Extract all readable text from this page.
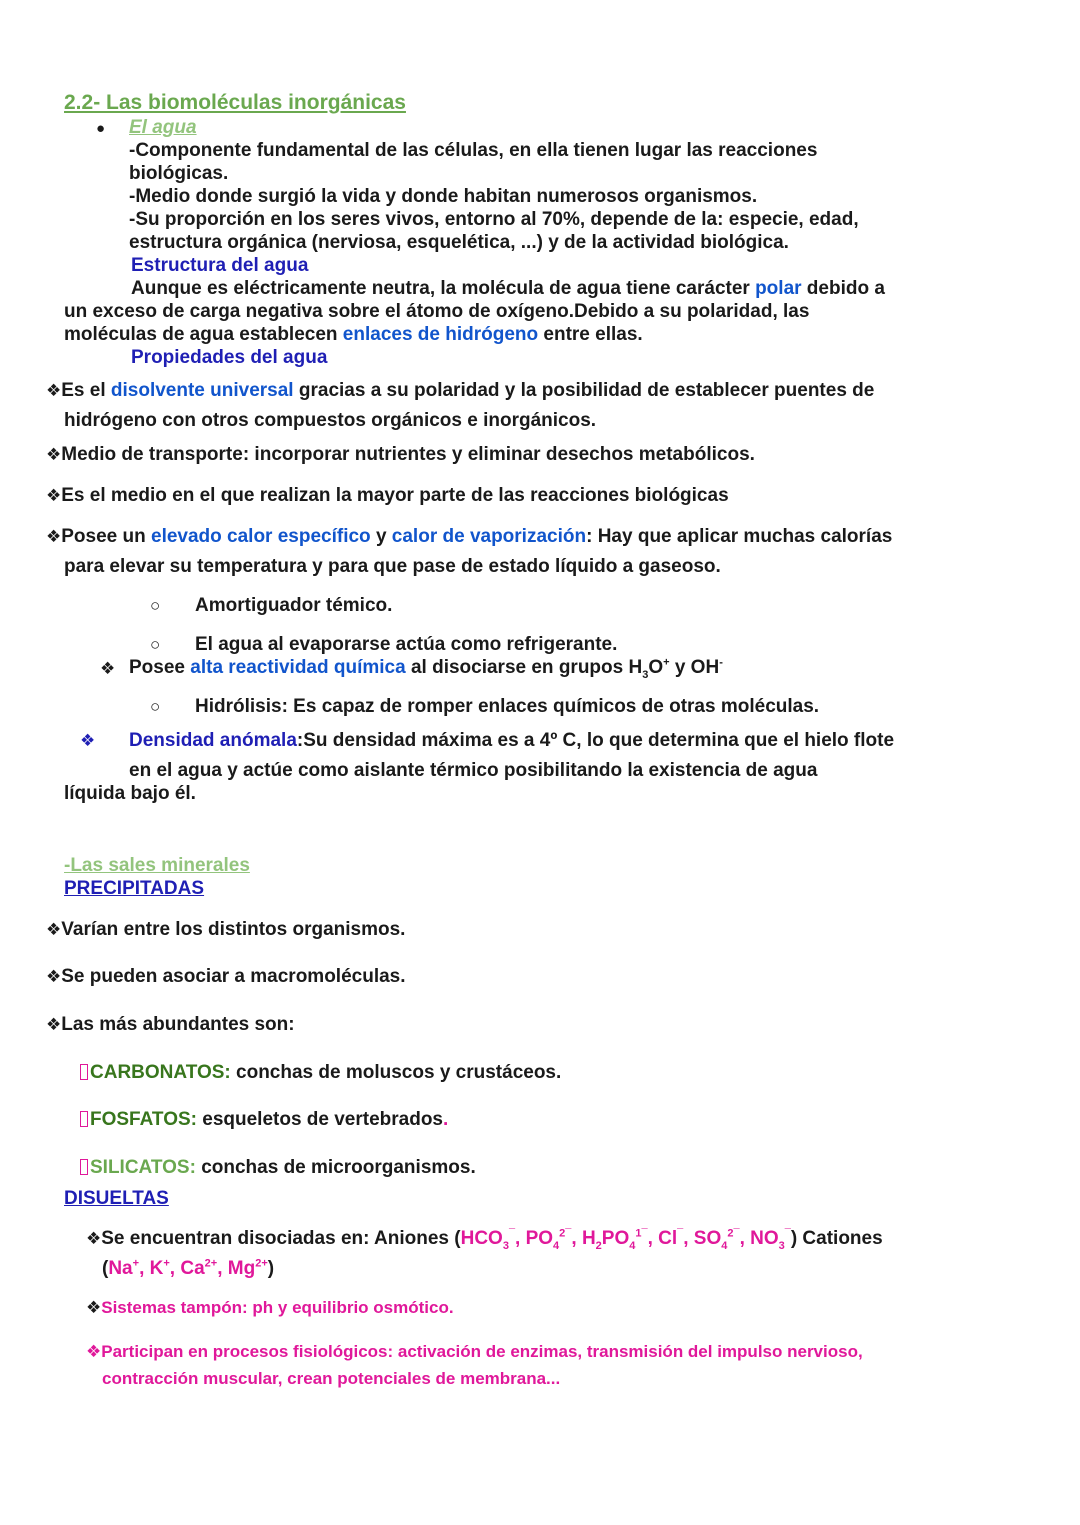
2.2- Las biomoléculas inorgánicas
● El agua
-Componente fundamental de las células, en ella tienen lugar las reacciones
biológicas.
-Medio donde surgió la vida y donde habitan numerosos organismos.
-Su proporción en los seres vivos, entorno al 70%, depende de la: especie, edad,
estructura orgánica (nerviosa, esquelética, ...) y de la actividad biológica.
Estructura del agua
Aunque es eléctricamente neutra, la molécula de agua tiene carácter polar debido a
un exceso de carga negativa sobre el átomo de oxígeno.Debido a su polaridad, las
moléculas de agua establecen enlaces de hidrógeno entre ellas.
Propiedades del agua
❖Es el disolvente universal gracias a su polaridad y la posibilidad de establecer puentes de
hidrógeno con otros compuestos orgánicos e inorgánicos.
❖Medio de transporte: incorporar nutrientes y eliminar desechos metabólicos.
❖Es el medio en el que realizan la mayor parte de las reacciones biológicas
❖Posee un elevado calor específico y calor de vaporización: Hay que aplicar muchas calorías
para elevar su temperatura y para que pase de estado líquido a gaseoso.
○ Amortiguador témico.
○ El agua al evaporarse actúa como refrigerante.
❖ Posee alta reactividad química al disociarse en grupos $H_3O^+$ y OH-
○ Hidrólisis: Es capaz de romper enlaces químicos de otras moléculas.
❖ Densidad anómala:Su densidad máxima es a 4º C, lo que determina que el hielo flote
en el agua y actúe como aislante térmico posibilitando la existencia de agua
líquida bajo él.
-Las sales minerales
PRECIPITADAS
❖Varían entre los distintos organismos.
❖Se pueden asociar a macromoléculas.
❖Las más abundantes son:
CARBONATOS: conchas de moluscos y crustáceos.
FOSFATOS: esqueletos de vertebrados.
SILICATOS: conchas de microorganismos.
DISUELTAS
❖Se encuentran disociadas en: Aniones ($HCO_3^¯$, $PO_4^{2¯}$, $H_2PO_4^{1¯}$, Cl¯, $SO_4^{2¯}$, $NO_3^¯$) Cationes
(Na+, K+, $Ca^{2+}$, $Mg^{2+}$)
❖Sistemas tampón: ph y equilibrio osmótico.
❖Participan en procesos fisiológicos: activación de enzimas, transmisión del impulso nervioso,
contracción muscular, crean potenciales de membrana...
